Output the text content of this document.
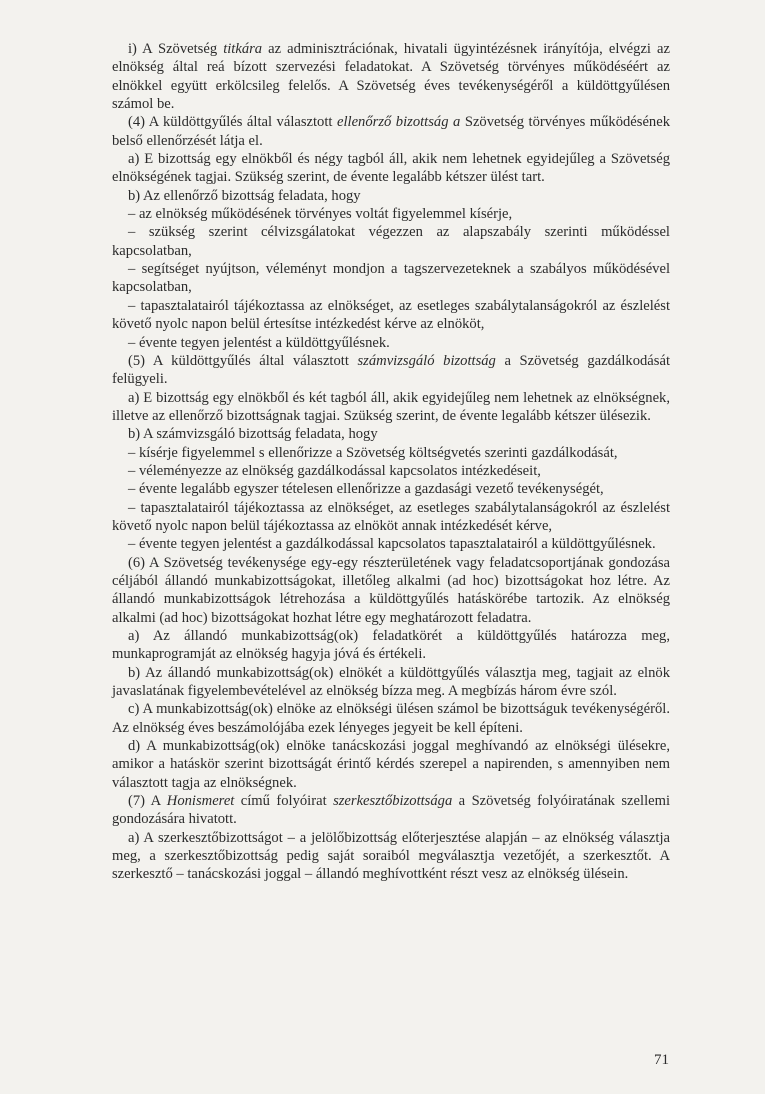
i) A Szövetség titkára az adminisztrációnak, hivatali ügyintézésnek irányítója, elvégzi az elnökség által reá bízott szervezési feladatokat. A Szövetség törvényes működéséért az elnökkel együtt erkölcsileg felelős. A Szövetség éves tevékenységéről a küldöttgyűlésen számol be.

(4) A küldöttgyűlés által választott ellenőrző bizottság a Szövetség törvényes működésének belső ellenőrzését látja el.

a) E bizottság egy elnökből és négy tagból áll, akik nem lehetnek egyidejűleg a Szövetség elnökségének tagjai. Szükség szerint, de évente legalább kétszer ülést tart.

b) Az ellenőrző bizottság feladata, hogy

– az elnökség működésének törvényes voltát figyelemmel kísérje,

– szükség szerint célvizsgálatokat végezzen az alapszabály szerinti működéssel kapcsolatban,

– segítséget nyújtson, véleményt mondjon a tagszervezeteknek a szabályos működésével kapcsolatban,

– tapasztalatairól tájékoztassa az elnökséget, az esetleges szabálytalanságokról az észlelést követő nyolc napon belül értesítse intézkedést kérve az elnököt,

– évente tegyen jelentést a küldöttgyűlésnek.

(5) A küldöttgyűlés által választott számvizsgáló bizottság a Szövetség gazdálkodását felügyeli.

a) E bizottság egy elnökből és két tagból áll, akik egyidejűleg nem lehetnek az elnökségnek, illetve az ellenőrző bizottságnak tagjai. Szükség szerint, de évente legalább kétszer ülésezik.

b) A számvizsgáló bizottság feladata, hogy

– kísérje figyelemmel s ellenőrizze a Szövetség költségvetés szerinti gazdálkodását,

– véleményezze az elnökség gazdálkodással kapcsolatos intézkedéseit,

– évente legalább egyszer tételesen ellenőrizze a gazdasági vezető tevékenységét,

– tapasztalatairól tájékoztassa az elnökséget, az esetleges szabálytalanságokról az észlelést követő nyolc napon belül tájékoztassa az elnököt annak intézkedését kérve,

– évente tegyen jelentést a gazdálkodással kapcsolatos tapasztalatairól a küldöttgyűlésnek.

(6) A Szövetség tevékenysége egy-egy részterületének vagy feladatcsoportjának gondozása céljából állandó munkabizottságokat, illetőleg alkalmi (ad hoc) bizottságokat hoz létre. Az állandó munkabizottságok létrehozása a küldöttgyűlés hatáskörébe tartozik. Az elnökség alkalmi (ad hoc) bizottságokat hozhat létre egy meghatározott feladatra.

a) Az állandó munkabizottság(ok) feladatkörét a küldöttgyűlés határozza meg, munkaprogramját az elnökség hagyja jóvá és értékeli.

b) Az állandó munkabizottság(ok) elnökét a küldöttgyűlés választja meg, tagjait az elnök javaslatának figyelembevételével az elnökség bízza meg. A megbízás három évre szól.

c) A munkabizottság(ok) elnöke az elnökségi ülésen számol be bizottságuk tevékenységéről. Az elnökség éves beszámolójába ezek lényeges jegyeit be kell építeni.

d) A munkabizottság(ok) elnöke tanácskozási joggal meghívandó az elnökségi ülésekre, amikor a hatáskör szerint bizottságát érintő kérdés szerepel a napirenden, s amennyiben nem választott tagja az elnökségnek.

(7) A Honismeret című folyóirat szerkesztőbizottsága a Szövetség folyóiratának szellemi gondozására hivatott.

a) A szerkesztőbizottságot – a jelölőbizottság előterjesztése alapján – az elnökség választja meg, a szerkesztőbizottság pedig saját soraiból megválasztja vezetőjét, a szerkesztőt. A szerkesztő – tanácskozási joggal – állandó meghívottként részt vesz az elnökség ülésein.

71
